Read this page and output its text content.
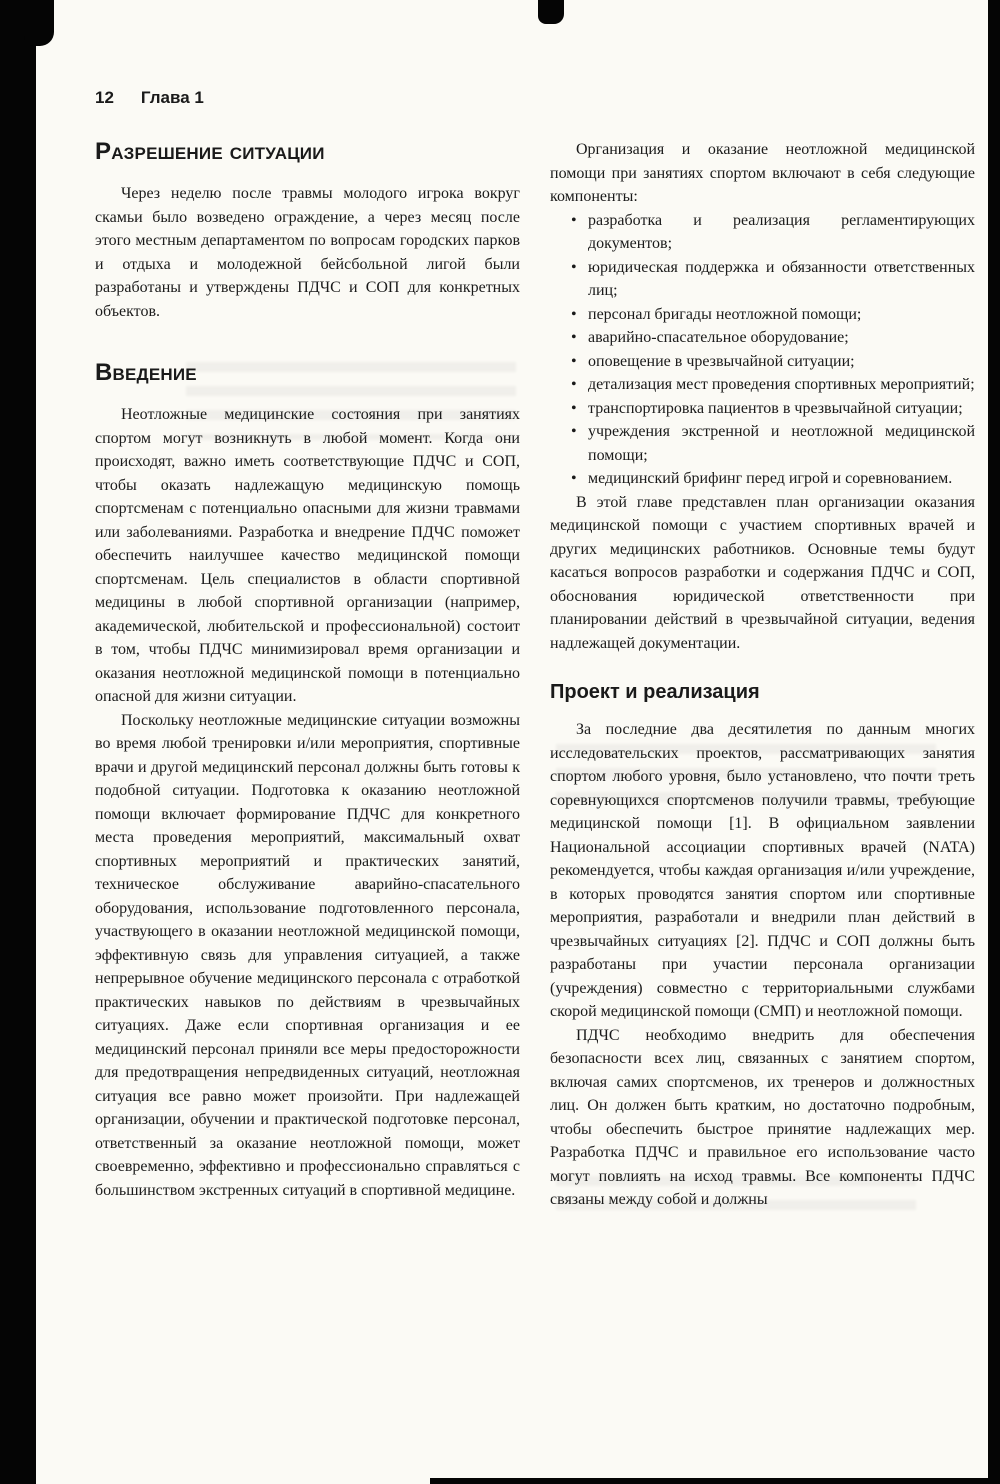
12 Глава 1
Разрешение ситуации

Через неделю после травмы молодого игрока вокруг скамьи было возведено ограждение, а через месяц после этого местным департаментом по вопросам городских парков и отдыха и молодежной бейсбольной лигой были разработаны и утверждены ПДЧС и СОП для конкретных объектов.

Введение

Неотложные медицинские состояния при занятиях спортом могут возникнуть в любой момент. Когда они происходят, важно иметь соответствующие ПДЧС и СОП, чтобы оказать надлежащую медицинскую помощь спортсменам с потенциально опасными для жизни травмами или заболеваниями. Разработка и внедрение ПДЧС поможет обеспечить наилучшее качество медицинской помощи спортсменам. Цель специалистов в области спортивной медицины в любой спортивной организации (например, академической, любительской и профессиональной) состоит в том, чтобы ПДЧС минимизировал время организации и оказания неотложной медицинской помощи в потенциально опасной для жизни ситуации.

Поскольку неотложные медицинские ситуации возможны во время любой тренировки и/или мероприятия, спортивные врачи и другой медицинский персонал должны быть готовы к подобной ситуации. Подготовка к оказанию неотложной помощи включает формирование ПДЧС для конкретного места проведения мероприятий, максимальный охват спортивных мероприятий и практических занятий, техническое обслуживание аварийно-спасательного оборудования, использование подготовленного персонала, участвующего в оказании неотложной медицинской помощи, эффективную связь для управления ситуацией, а также непрерывное обучение медицинского персонала с отработкой практических навыков по действиям в чрезвычайных ситуациях. Даже если спортивная организация и ее медицинский персонал приняли все меры предосторожности для предотвращения непредвиденных ситуаций, неотложная ситуация все равно может произойти. При надлежащей организации, обучении и практической подготовке персонал, ответственный за оказание неотложной помощи, может своевременно, эффективно и профессионально справляться с большинством экстренных ситуаций в спортивной медицине.

Организация и оказание неотложной медицинской помощи при занятиях спортом включают в себя следующие компоненты:

• разработка и реализация регламентирующих документов;
• юридическая поддержка и обязанности ответственных лиц;
• персонал бригады неотложной помощи;
• аварийно-спасательное оборудование;
• оповещение в чрезвычайной ситуации;
• детализация мест проведения спортивных мероприятий;
• транспортировка пациентов в чрезвычайной ситуации;
• учреждения экстренной и неотложной медицинской помощи;
• медицинский брифинг перед игрой и соревнованием.

В этой главе представлен план организации оказания медицинской помощи с участием спортивных врачей и других медицинских работников. Основные темы будут касаться вопросов разработки и содержания ПДЧС и СОП, обоснования юридической ответственности при планировании действий в чрезвычайной ситуации, ведения надлежащей документации.

Проект и реализация

За последние два десятилетия по данным многих исследовательских проектов, рассматривающих занятия спортом любого уровня, было установлено, что почти треть соревнующихся спортсменов получили травмы, требующие медицинской помощи [1]. В официальном заявлении Национальной ассоциации спортивных врачей (NATA) рекомендуется, чтобы каждая организация и/или учреждение, в которых проводятся занятия спортом или спортивные мероприятия, разработали и внедрили план действий в чрезвычайных ситуациях [2]. ПДЧС и СОП должны быть разработаны при участии персонала организации (учреждения) совместно с территориальными службами скорой медицинской помощи (СМП) и неотложной помощи.

ПДЧС необходимо внедрить для обеспечения безопасности всех лиц, связанных с занятием спортом, включая самих спортсменов, их тренеров и должностных лиц. Он должен быть кратким, но достаточно подробным, чтобы обеспечить быстрое принятие надлежащих мер. Разработка ПДЧС и правильное его использование часто могут повлиять на исход травмы. Все компоненты ПДЧС связаны между собой и должны
